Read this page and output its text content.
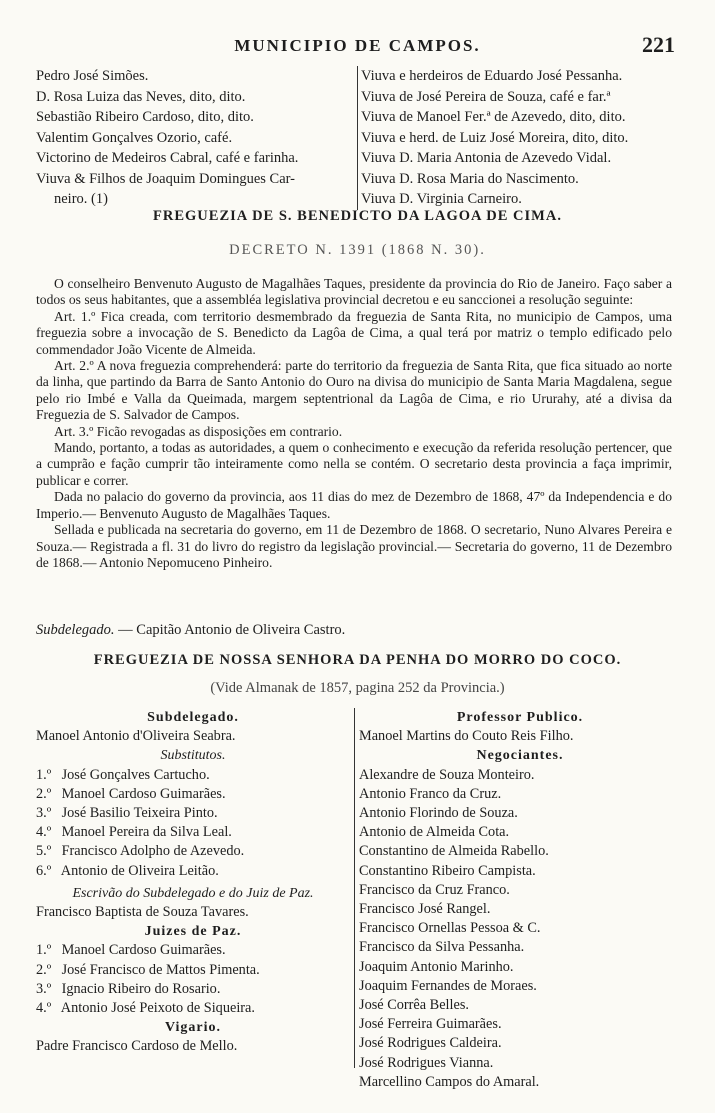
MUNICIPIO DE CAMPOS.	221
Pedro José Simões.
D. Rosa Luiza das Neves, dito, dito.
Sebastião Ribeiro Cardoso, dito, dito.
Valentim Gonçalves Ozorio, café.
Victorino de Medeiros Cabral, café e farinha.
Viuva & Filhos de Joaquim Domingues Car-
neiro. (1)
Viuva e herdeiros de Eduardo José Pessanha.
Viuva de José Pereira de Souza, café e far.ª
Viuva de Manoel Fer.ª de Azevedo, dito, dito.
Viuva e herd. de Luiz José Moreira, dito, dito.
Viuva D. Maria Antonia de Azevedo Vidal.
Viuva D. Rosa Maria do Nascimento.
Viuva D. Virginia Carneiro.
FREGUEZIA DE S. BENEDICTO DA LAGOA DE CIMA.
DECRETO N. 1391 (1868 N. 30).

O conselheiro Benvenuto Augusto de Magalhães Taques, presidente da provincia do Rio de Janeiro. Faço saber a todos os seus habitantes, que a assembléa legislativa provincial decretou e eu sanccionei a resolução seguinte:

Art. 1.º Fica creada, com territorio desmembrado da freguezia de Santa Rita, no municipio de Campos, uma freguezia sobre a invocação de S. Benedicto da Lagôa de Cima, a qual terá por matriz o templo edificado pelo commendador João Vicente de Almeida.

Art. 2.º A nova freguezia comprehenderá: parte do territorio da freguezia de Santa Rita, que fica situado ao norte da linha, que partindo da Barra de Santo Antonio do Ouro na divisa do municipio de Santa Maria Magdalena, segue pelo rio Imbé e Valla da Queimada, margem septentrional da Lagôa de Cima, e rio Ururahy, até a divisa da Freguezia de S. Salvador de Campos.

Art. 3.º Ficão revogadas as disposições em contrario.

Mando, portanto, a todas as autoridades, a quem o conhecimento e execução da referida resolução pertencer, que a cumprão e fação cumprir tão inteiramente como nella se contém. O secretario desta provincia a faça imprimir, publicar e correr.

Dada no palacio do governo da provincia, aos 11 dias do mez de Dezembro de 1868, 47º da Independencia e do Imperio.— Benvenuto Augusto de Magalhães Taques.

Sellada e publicada na secretaria do governo, em 11 de Dezembro de 1868. O secretario, Nuno Alvares Pereira e Souza.— Registrada a fl. 31 do livro do registro da legislação provincial.— Secretaria do governo, 11 de Dezembro de 1868.— Antonio Nepomuceno Pinheiro.

Subdelegado. — Capitão Antonio de Oliveira Castro.
FREGUEZIA DE NOSSA SENHORA DA PENHA DO MORRO DO COCO.
(Vide Almanak de 1857, pagina 252 da Provincia.)
Subdelegado.
Manoel Antonio d'Oliveira Seabra.
Substitutos.
1.º José Gonçalves Cartucho.
2.º Manoel Cardoso Guimarães.
3.º José Basilio Teixeira Pinto.
4.º Manoel Pereira da Silva Leal.
5.º Francisco Adolpho de Azevedo.
6.º Antonio de Oliveira Leitão.
Escrivão do Subdelegado e do Juiz de Paz.
Francisco Baptista de Souza Tavares.
Juizes de Paz.
1.º Manoel Cardoso Guimarães.
2.º José Francisco de Mattos Pimenta.
3.º Ignacio Ribeiro do Rosario.
4.º Antonio José Peixoto de Siqueira.
Vigario.
Padre Francisco Cardoso de Mello.
Professor Publico.
Manoel Martins do Couto Reis Filho.
Negociantes.
Alexandre de Souza Monteiro.
Antonio Franco da Cruz.
Antonio Florindo de Souza.
Antonio de Almeida Cota.
Constantino de Almeida Rabello.
Constantino Ribeiro Campista.
Francisco da Cruz Franco.
Francisco José Rangel.
Francisco Ornellas Pessoa & C.
Francisco da Silva Pessanha.
Joaquim Antonio Marinho.
Joaquim Fernandes de Moraes.
José Corrêa Belles.
José Ferreira Guimarães.
José Rodrigues Caldeira.
José Rodrigues Vianna.
Marcellino Campos do Amaral.
